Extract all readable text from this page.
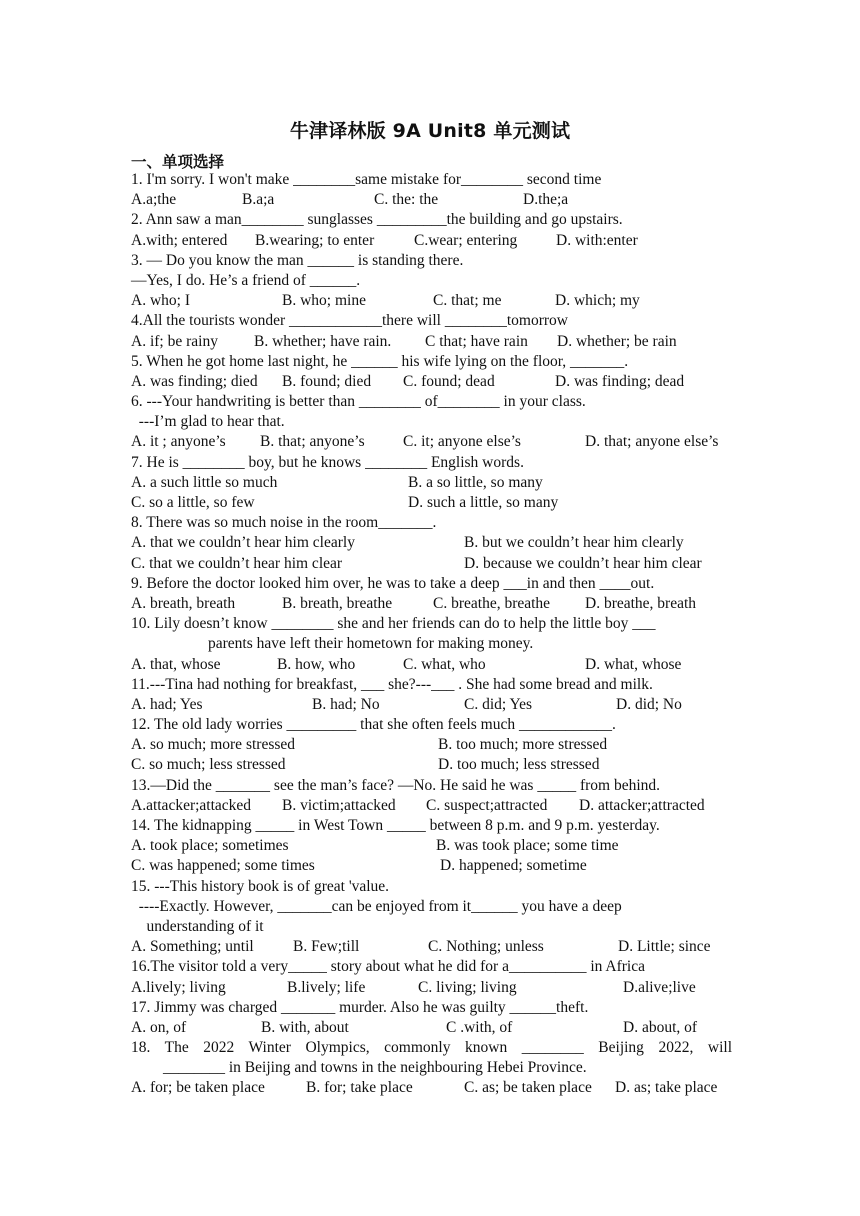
牛津译林版 9A Unit8 单元测试
一、单项选择
1. I'm sorry. I won't make ________same mistake for________ second time
A.a;the	B.a;a	C. the: the	D.the;a
2. Ann saw a man________ sunglasses _________the building and go upstairs.
A.with; entered B.wearing; to enter	C.wear; entering D. with:enter
3. — Do you know the man ______ is standing there.
—Yes, I do. He’s a friend of ______.
A. who; I	B. who; mine	C. that; me	D. which; my
4.All the tourists wonder ____________there will ________tomorrow
A. if; be rainy B. whether; have rain. C that; have rain D. whether; be rain
5. When he got home last night, he ______ his wife lying on the floor, _______.
A. was finding; died B. found; died C. found; dead	D. was finding; dead
6. ---Your handwriting is better than ________ of________ in your class.
---I’m glad to hear that.
A. it ; anyone’s B. that; anyone’s C. it; anyone else’s	D. that; anyone else’s
7. He is ________ boy, but he knows ________ English words.
A. a such little so much	B. a so little, so many
C. so a little, so few	D. such a little, so many
8. There was so much noise in the room_______.
A. that we couldn’t hear him clearly	B. but we couldn’t hear him clearly
C. that we couldn’t hear him clear	D. because we couldn’t hear him clear
9. Before the doctor looked him over, he was to take a deep ___in and then ____out.
A. breath, breath	B. breath, breathe	C. breathe, breathe D. breathe, breath
10. Lily doesn’t know ________ she and her friends can do to help the little boy ___
parents have left their hometown for making money.
A. that, whose	B. how, who	C. what, who	D. what, whose
11.---Tina had nothing for breakfast, ___ she?---___ . She had some bread and milk.
A. had; Yes	B. had; No	C. did; Yes	D. did; No
12. The old lady worries _________ that she often feels much ____________.
A. so much; more stressed	B. too much; more stressed
C. so much; less stressed	D. too much; less stressed
13.—Did the _______ see the man’s face? —No. He said he was _____ from behind.
A.attacker;attacked B. victim;attacked C. suspect;attracted D. attacker;attracted
14. The kidnapping _____ in West Town _____ between 8 p.m. and 9 p.m. yesterday.
A. took place; sometimes	B. was took place; some time
C. was happened; some times	D. happened; sometime
15. ---This history book is of great 'value.
----Exactly. However, _______can be enjoyed from it______ you have a deep
understanding of it
A. Something; until	B. Few;till	C. Nothing; unless	D. Little; since
16.The visitor told a very_____ story about what he did for a__________ in Africa
A.lively; living	B.lively; life	C. living; living	D.alive;live
17. Jimmy was charged _______ murder. Also he was guilty ______theft.
A. on, of	B. with, about	C .with, of	D. about, of
18. The 2022 Winter Olympics, commonly known ________ Beijing 2022, will
________ in Beijing and towns in the neighbouring Hebei Province.
A. for; be taken place	B. for; take place	C. as; be taken place D. as; take place
